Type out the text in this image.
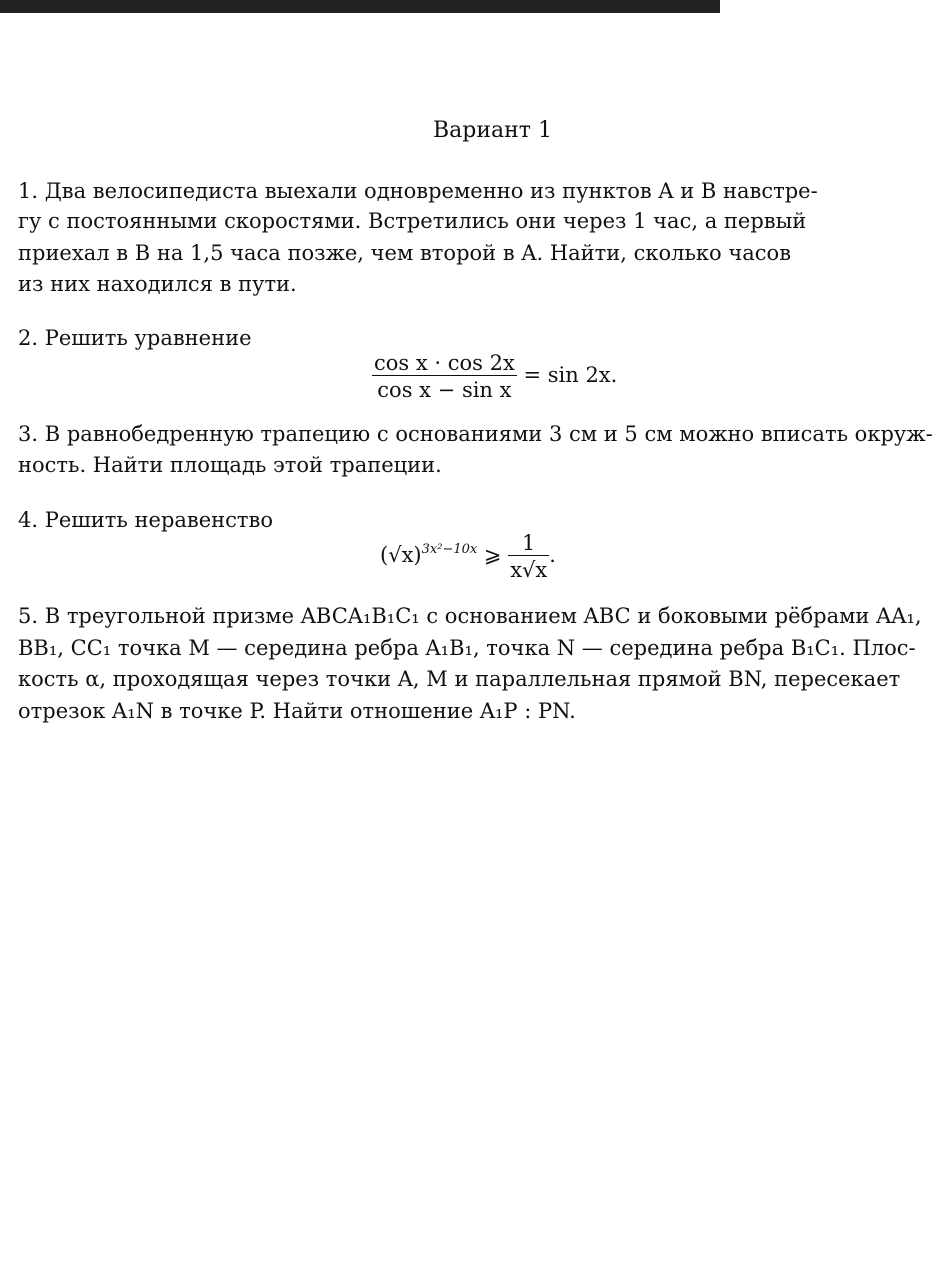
Вариант 1
1. Два велосипедиста выехали одновременно из пунктов A и B навстре-
гу с постоянными скоростями. Встретились они через 1 час, а первый
приехал в B на 1,5 часа позже, чем второй в A. Найти, сколько часов
из них находился в пути.
2. Решить уравнение
$\frac{\text{cos x · cos 2x}}{\text{cos x − sin x}} = \sin 2x$.
3. В равнобедренную трапецию с основаниями 3 см и 5 см можно вписать окруж-
ность. Найти площадь этой трапеции.
4. Решить неравенство
$(√x)^{3x^2-10x}$ ⩾ $\frac{1}{x√x}$ .
5. В треугольной призме ABCA₁B₁C₁ с основанием ABC и боковыми рёбрами AA₁,
BB₁, CC₁ точка M — середина ребра A₁B₁, точка N — середина ребра B₁C₁. Плос-
кость α, проходящая через точки A, M и параллельная прямой BN, пересекает
отрезок A₁N в точке P. Найти отношение A₁P : PN.
